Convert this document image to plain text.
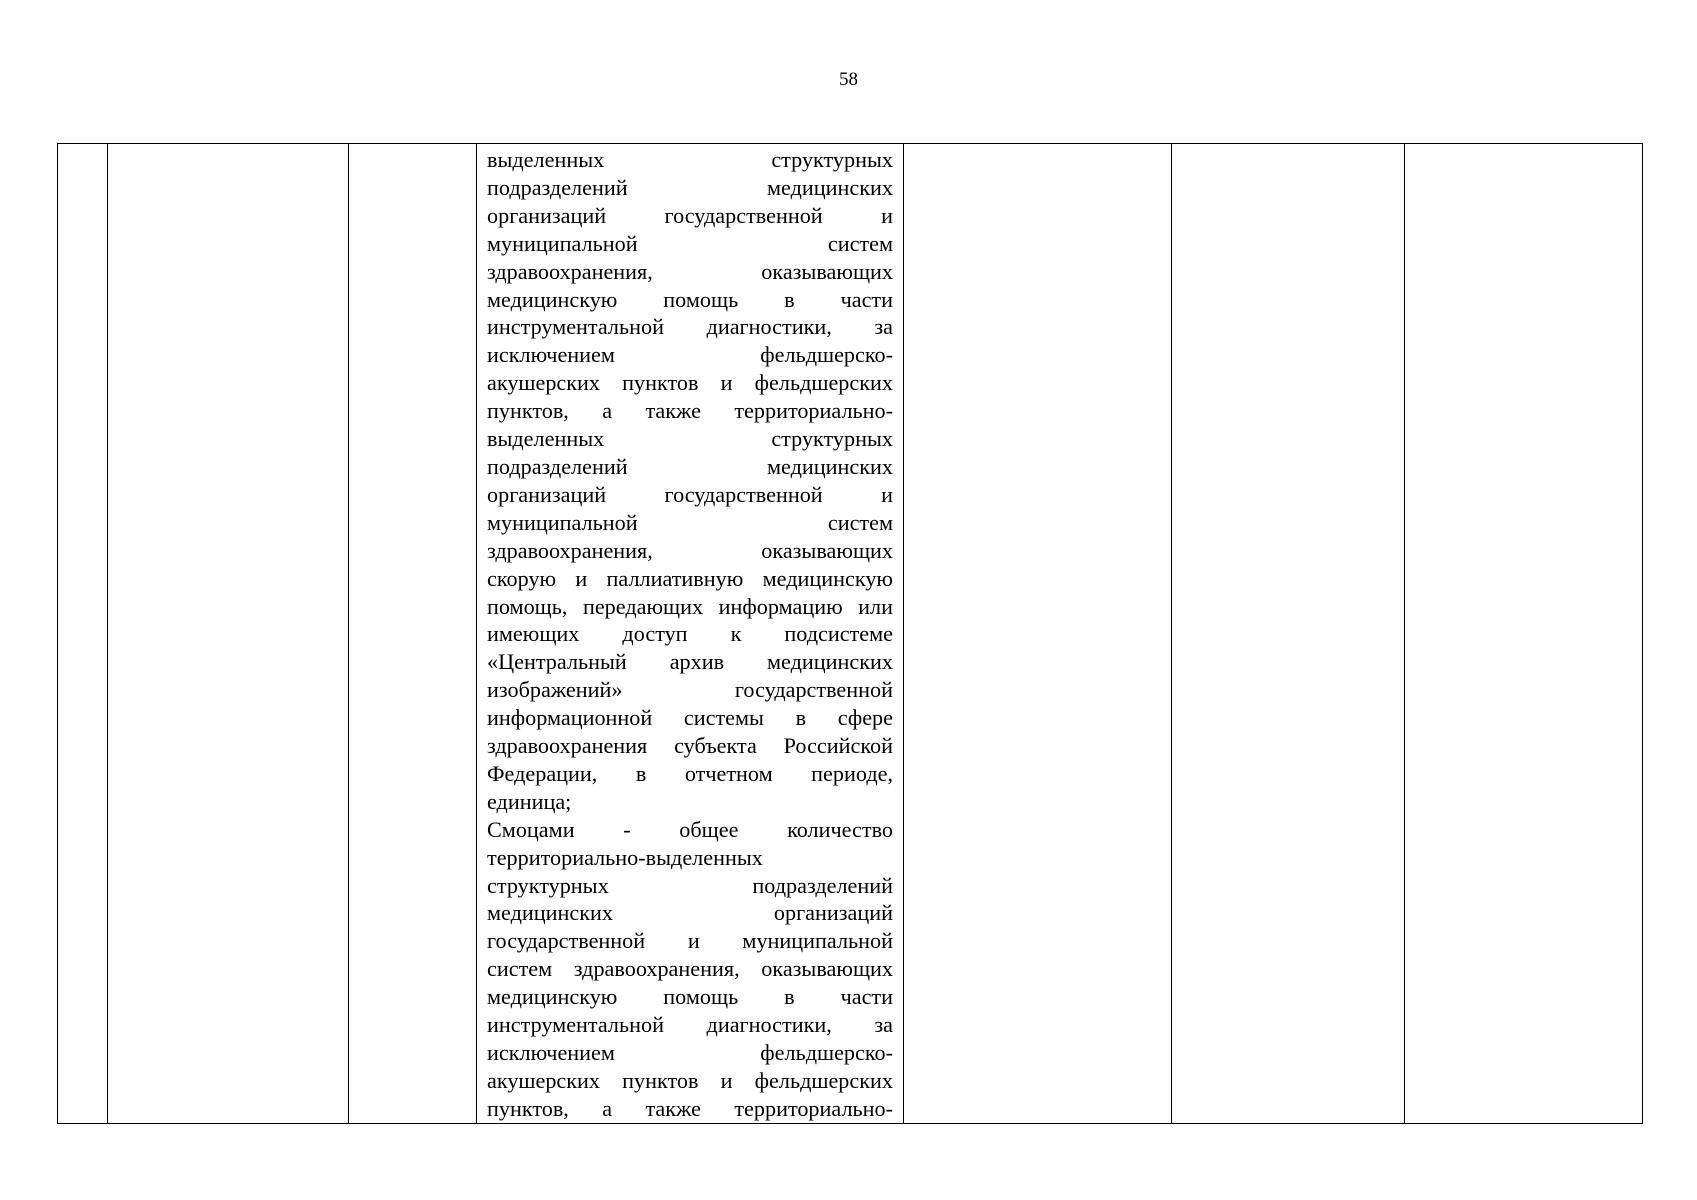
58

выделенных структурных
подразделений медицинских
организаций государственной и
муниципальной систем
здравоохранения, оказывающих
медицинскую помощь в части
инструментальной диагностики, за
исключением фельдшерско-
акушерских пунктов и фельдшерских
пунктов, а также территориально-
выделенных структурных
подразделений медицинских
организаций государственной и
муниципальной систем
здравоохранения, оказывающих
скорую и паллиативную медицинскую
помощь, передающих информацию или
имеющих доступ к подсистеме
«Центральный архив медицинских
изображений» государственной
информационной системы в сфере
здравоохранения субъекта Российской
Федерации, в отчетном периоде,
единица;
Смоцами - общее количество
территориально-выделенных
структурных подразделений
медицинских организаций
государственной и муниципальной
систем здравоохранения, оказывающих
медицинскую помощь в части
инструментальной диагностики, за
исключением фельдшерско-
акушерских пунктов и фельдшерских
пунктов, а также территориально-
